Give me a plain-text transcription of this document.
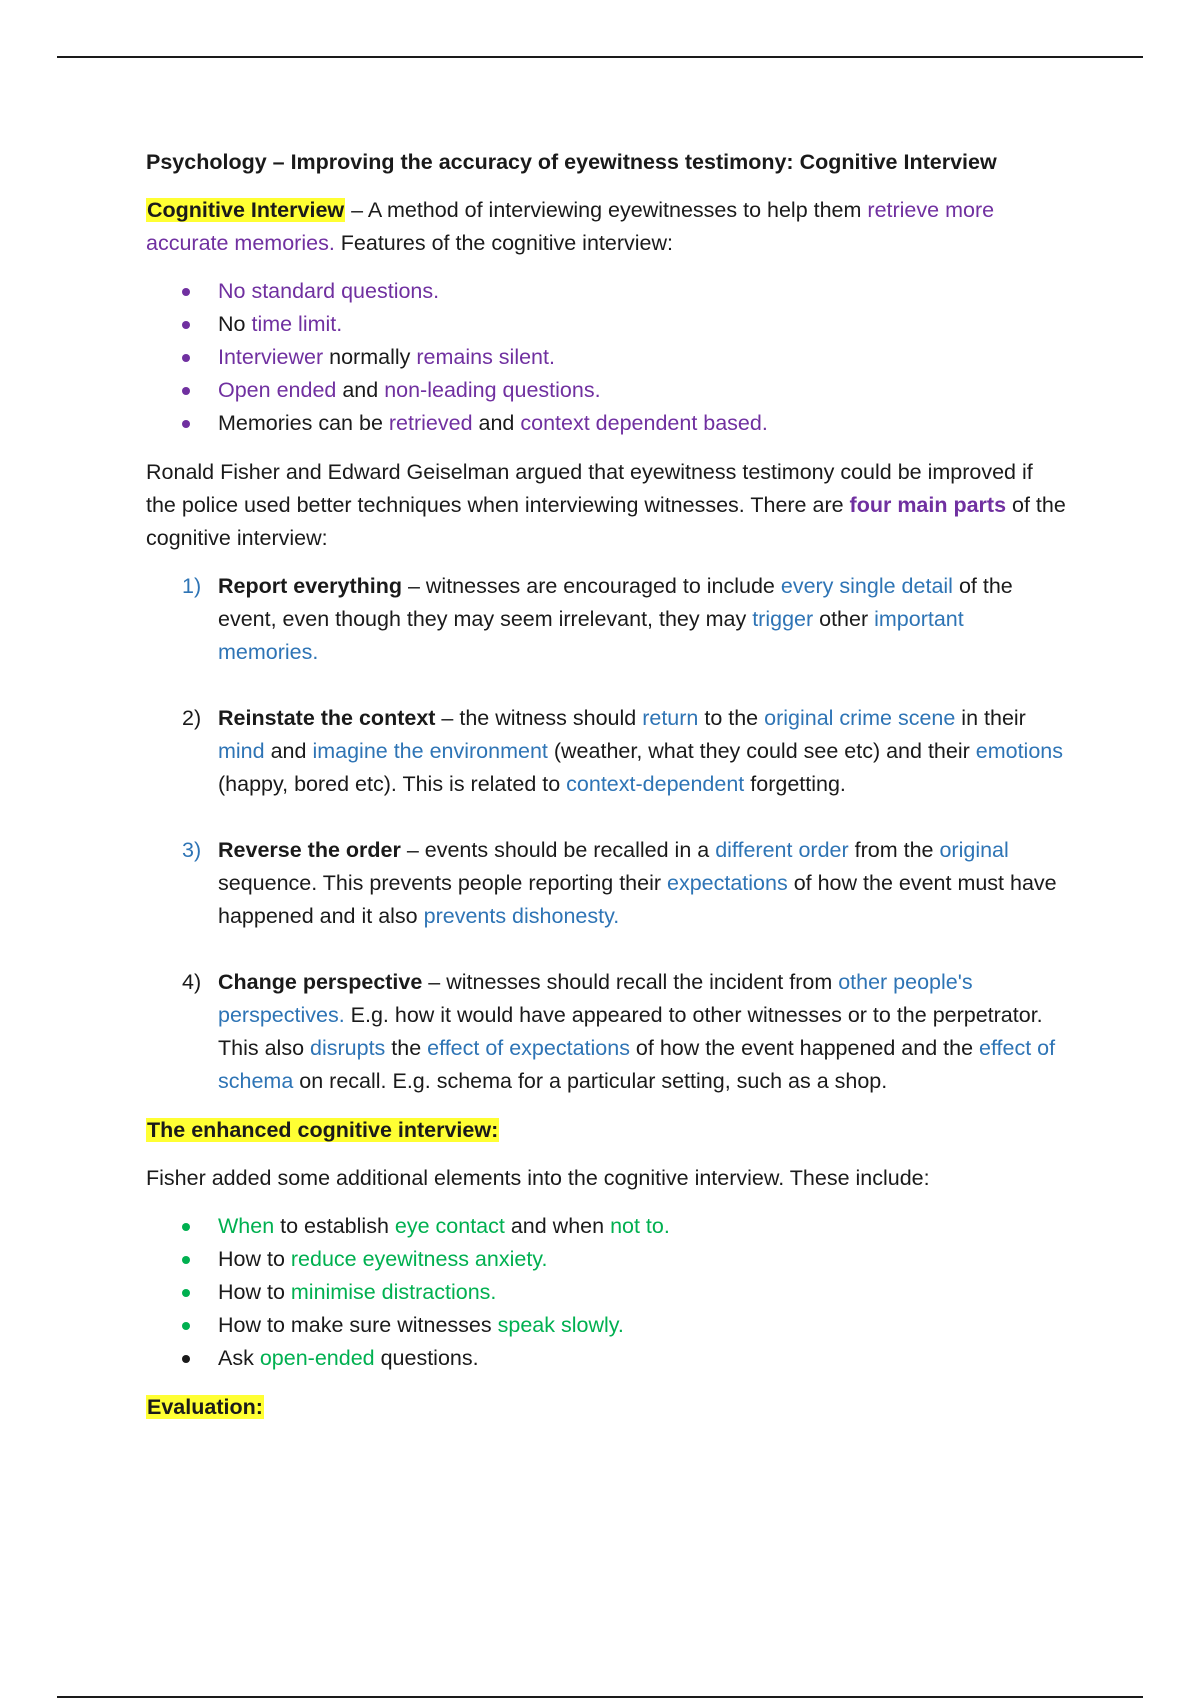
Psychology – Improving the accuracy of eyewitness testimony: Cognitive Interview

Cognitive Interview – A method of interviewing eyewitnesses to help them retrieve more accurate memories. Features of the cognitive interview:

No standard questions.
No time limit.
Interviewer normally remains silent.
Open ended and non-leading questions.
Memories can be retrieved and context dependent based.

Ronald Fisher and Edward Geiselman argued that eyewitness testimony could be improved if the police used better techniques when interviewing witnesses. There are four main parts of the cognitive interview:

1) Report everything – witnesses are encouraged to include every single detail of the event, even though they may seem irrelevant, they may trigger other important memories.
2) Reinstate the context – the witness should return to the original crime scene in their mind and imagine the environment (weather, what they could see etc) and their emotions (happy, bored etc). This is related to context-dependent forgetting.
3) Reverse the order – events should be recalled in a different order from the original sequence. This prevents people reporting their expectations of how the event must have happened and it also prevents dishonesty.
4) Change perspective – witnesses should recall the incident from other people's perspectives. E.g. how it would have appeared to other witnesses or to the perpetrator. This also disrupts the effect of expectations of how the event happened and the effect of schema on recall. E.g. schema for a particular setting, such as a shop.

The enhanced cognitive interview:

Fisher added some additional elements into the cognitive interview. These include:

When to establish eye contact and when not to.
How to reduce eyewitness anxiety.
How to minimise distractions.
How to make sure witnesses speak slowly.
Ask open-ended questions.

Evaluation:
